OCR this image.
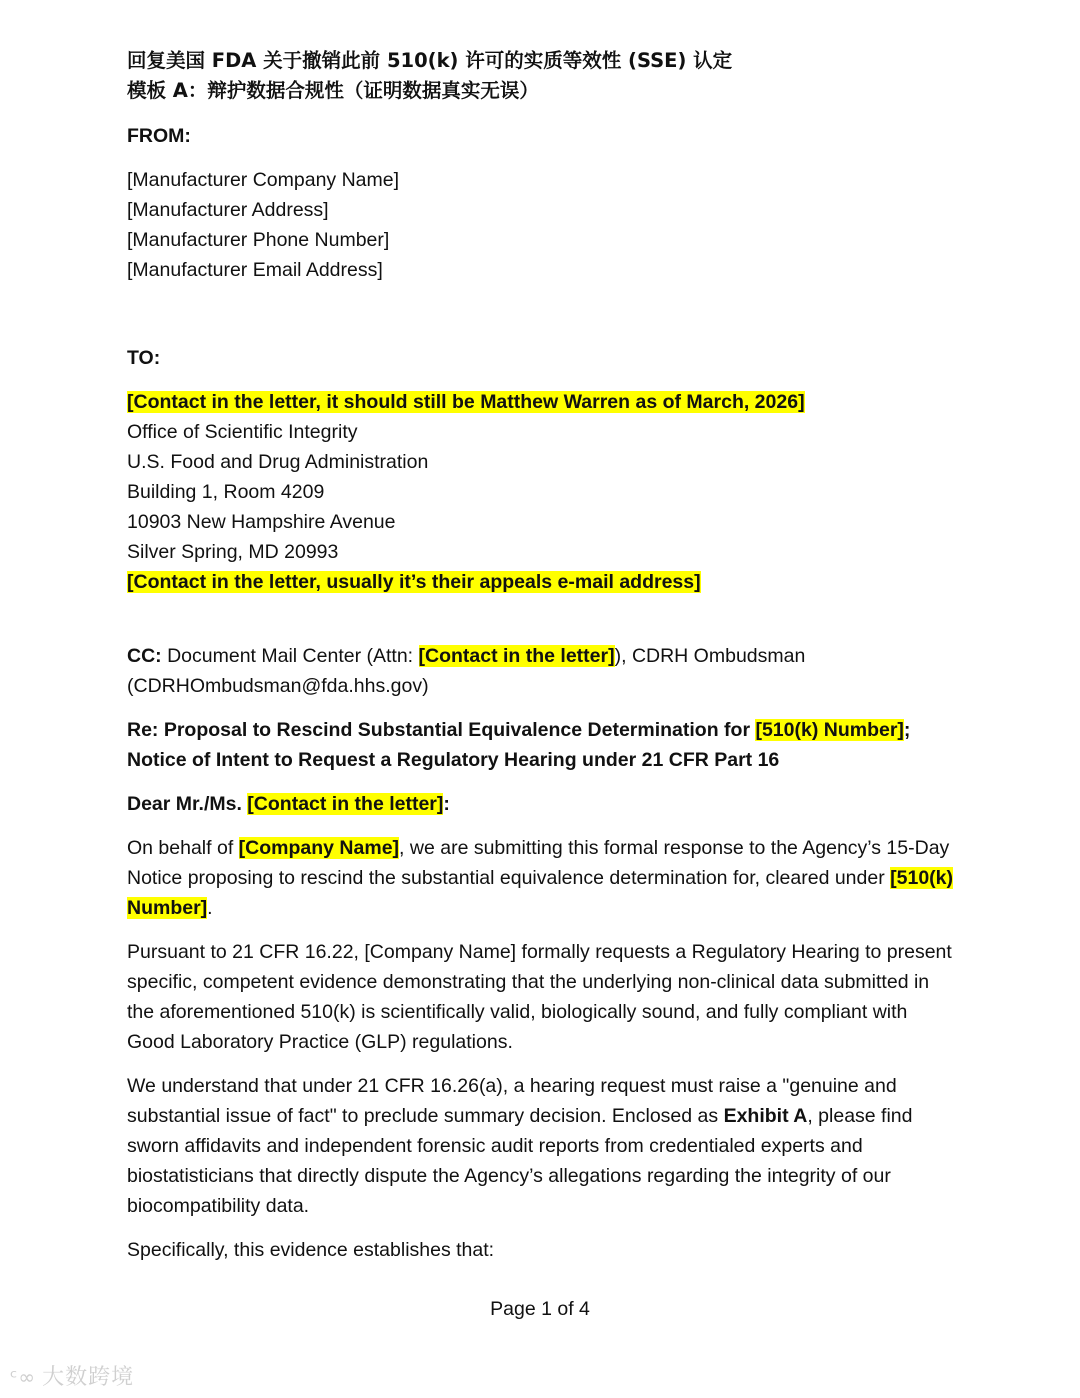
回复美国 FDA 关于撤销此前 510(k) 许可的实质等效性 (SSE) 认定
模板 A：辩护数据合规性（证明数据真实无误）
FROM:
[Manufacturer Company Name]
[Manufacturer Address]
[Manufacturer Phone Number]
[Manufacturer Email Address]
TO:
[Contact in the letter, it should still be Matthew Warren as of March, 2026]
Office of Scientific Integrity
U.S. Food and Drug Administration
Building 1, Room 4209
10903 New Hampshire Avenue
Silver Spring, MD 20993
[Contact in the letter, usually it’s their appeals e-mail address]
CC: Document Mail Center (Attn: [Contact in the letter]), CDRH Ombudsman (CDRHOmbudsman@fda.hhs.gov)
Re: Proposal to Rescind Substantial Equivalence Determination for [510(k) Number]; Notice of Intent to Request a Regulatory Hearing under 21 CFR Part 16
Dear Mr./Ms. [Contact in the letter]:
On behalf of [Company Name], we are submitting this formal response to the Agency’s 15-Day Notice proposing to rescind the substantial equivalence determination for, cleared under [510(k) Number].
Pursuant to 21 CFR 16.22, [Company Name] formally requests a Regulatory Hearing to present specific, competent evidence demonstrating that the underlying non-clinical data submitted in the aforementioned 510(k) is scientifically valid, biologically sound, and fully compliant with Good Laboratory Practice (GLP) regulations.
We understand that under 21 CFR 16.26(a), a hearing request must raise a "genuine and substantial issue of fact" to preclude summary decision. Enclosed as Exhibit A, please find sworn affidavits and independent forensic audit reports from credentialed experts and biostatisticians that directly dispute the Agency’s allegations regarding the integrity of our biocompatibility data.
Specifically, this evidence establishes that:
Page 1 of 4
ᶜ∞ 大数跨境
